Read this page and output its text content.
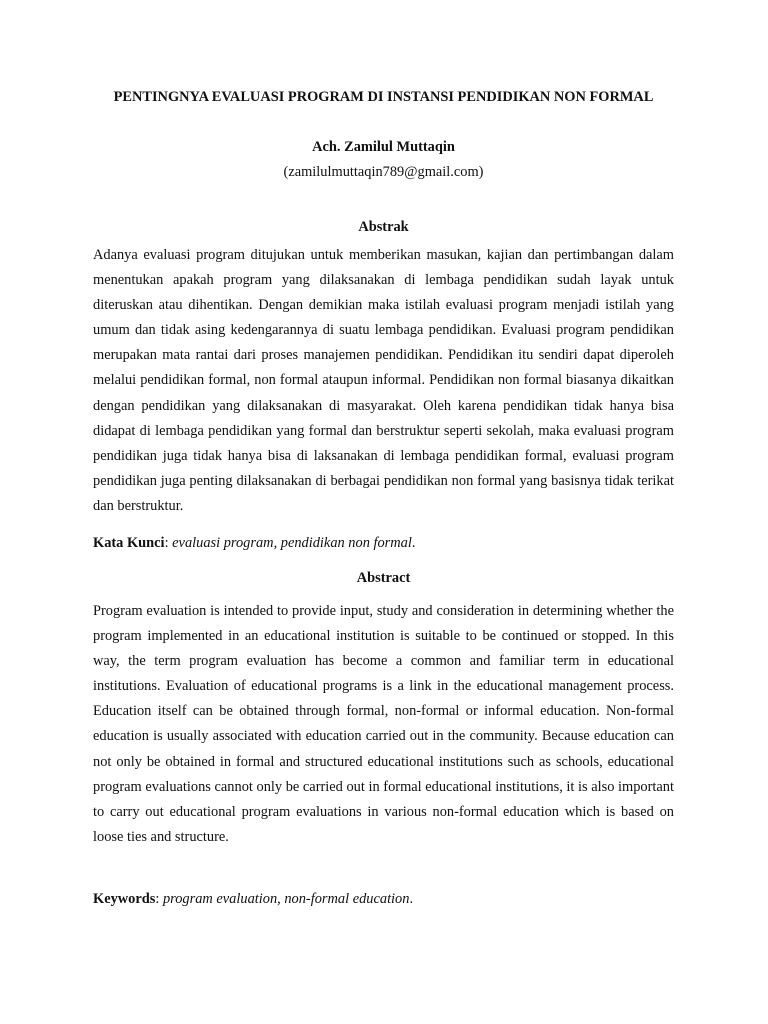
PENTINGNYA EVALUASI PROGRAM DI INSTANSI PENDIDIKAN NON FORMAL
Ach. Zamilul Muttaqin
(zamilulmuttaqin789@gmail.com)
Abstrak

Adanya evaluasi program ditujukan untuk memberikan masukan, kajian dan pertimbangan dalam menentukan apakah program yang dilaksanakan di lembaga pendidikan sudah layak untuk diteruskan atau dihentikan. Dengan demikian maka istilah evaluasi program menjadi istilah yang umum dan tidak asing kedengarannya di suatu lembaga pendidikan. Evaluasi program pendidikan merupakan mata rantai dari proses manajemen pendidikan. Pendidikan itu sendiri dapat diperoleh melalui pendidikan formal, non formal ataupun informal. Pendidikan non formal biasanya dikaitkan dengan pendidikan yang dilaksanakan di masyarakat. Oleh karena pendidikan tidak hanya bisa didapat di lembaga pendidikan yang formal dan berstruktur seperti sekolah, maka evaluasi program pendidikan juga tidak hanya bisa di laksanakan di lembaga pendidikan formal, evaluasi program pendidikan juga penting dilaksanakan di berbagai pendidikan non formal yang basisnya tidak terikat dan berstruktur.

Kata Kunci: evaluasi program, pendidikan non formal.
Abstract

Program evaluation is intended to provide input, study and consideration in determining whether the program implemented in an educational institution is suitable to be continued or stopped. In this way, the term program evaluation has become a common and familiar term in educational institutions. Evaluation of educational programs is a link in the educational management process. Education itself can be obtained through formal, non-formal or informal education. Non-formal education is usually associated with education carried out in the community. Because education can not only be obtained in formal and structured educational institutions such as schools, educational program evaluations cannot only be carried out in formal educational institutions, it is also important to carry out educational program evaluations in various non-formal education which is based on loose ties and structure.

Keywords: program evaluation, non-formal education.
